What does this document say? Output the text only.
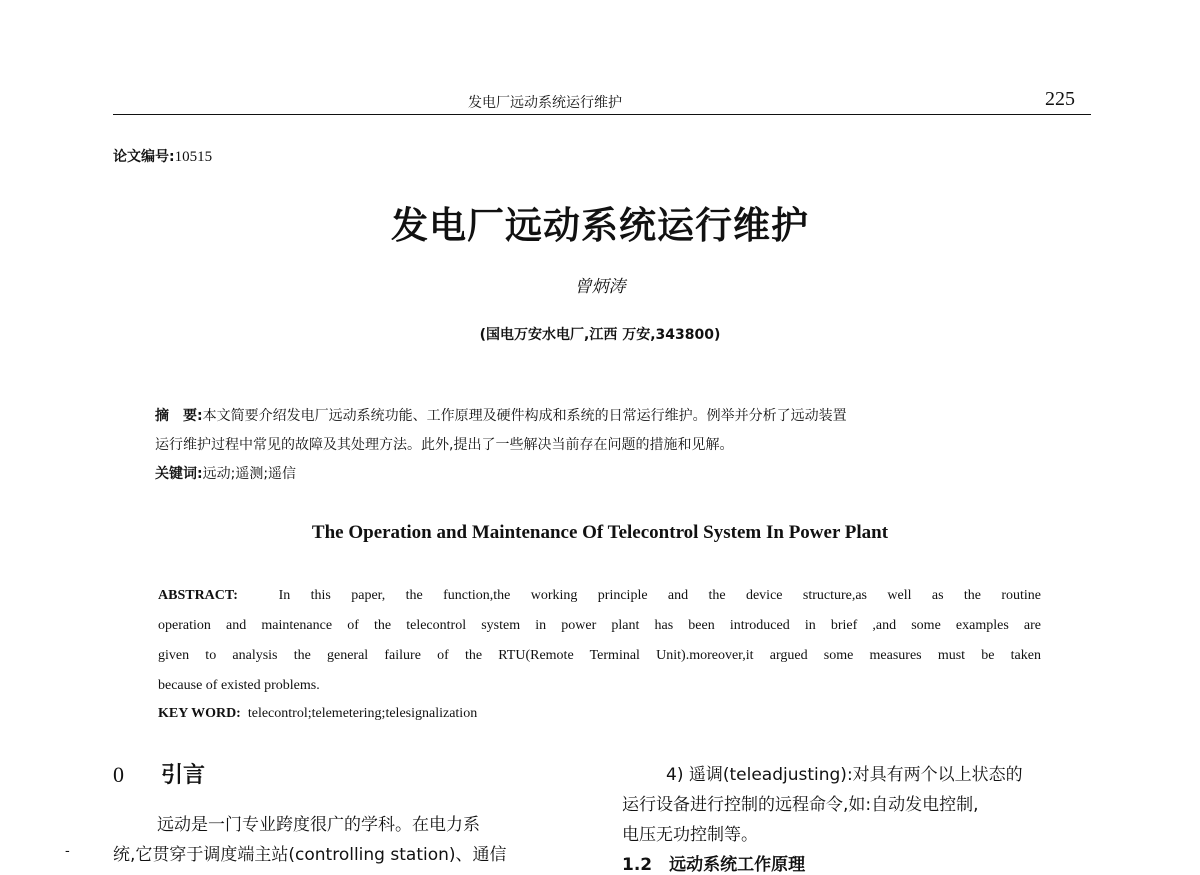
发电厂远动系统运行维护	225
论文编号:10515
发电厂远动系统运行维护
曾炳涛
(国电万安水电厂,江西 万安,343800)
摘　要:本文简要介绍发电厂远动系统功能、工作原理及硬件构成和系统的日常运行维护。例举并分析了远动装置
运行维护过程中常见的故障及其处理方法。此外,提出了一些解决当前存在问题的措施和见解。
关键词:远动;遥测;遥信
The Operation and Maintenance Of Telecontrol System In Power Plant
ABSTRACT:	In this paper, the function,the working principle and the device structure,as well as the routine
operation and maintenance of the telecontrol system in power plant has been introduced in brief ,and some examples are
given to analysis the general failure of the RTU(Remote Terminal Unit).moreover,it argued some measures must be taken
because of existed problems.
KEY WORD: telecontrol;telemetering;telesignalization
0 引言
远动是一门专业跨度很广的学科。在电力系
统,它贯穿于调度端主站(controlling station)、通信
-
4) 遥调(teleadjusting):对具有两个以上状态的
运行设备进行控制的远程命令,如:自动发电控制,
电压无功控制等。
1.2　远动系统工作原理
